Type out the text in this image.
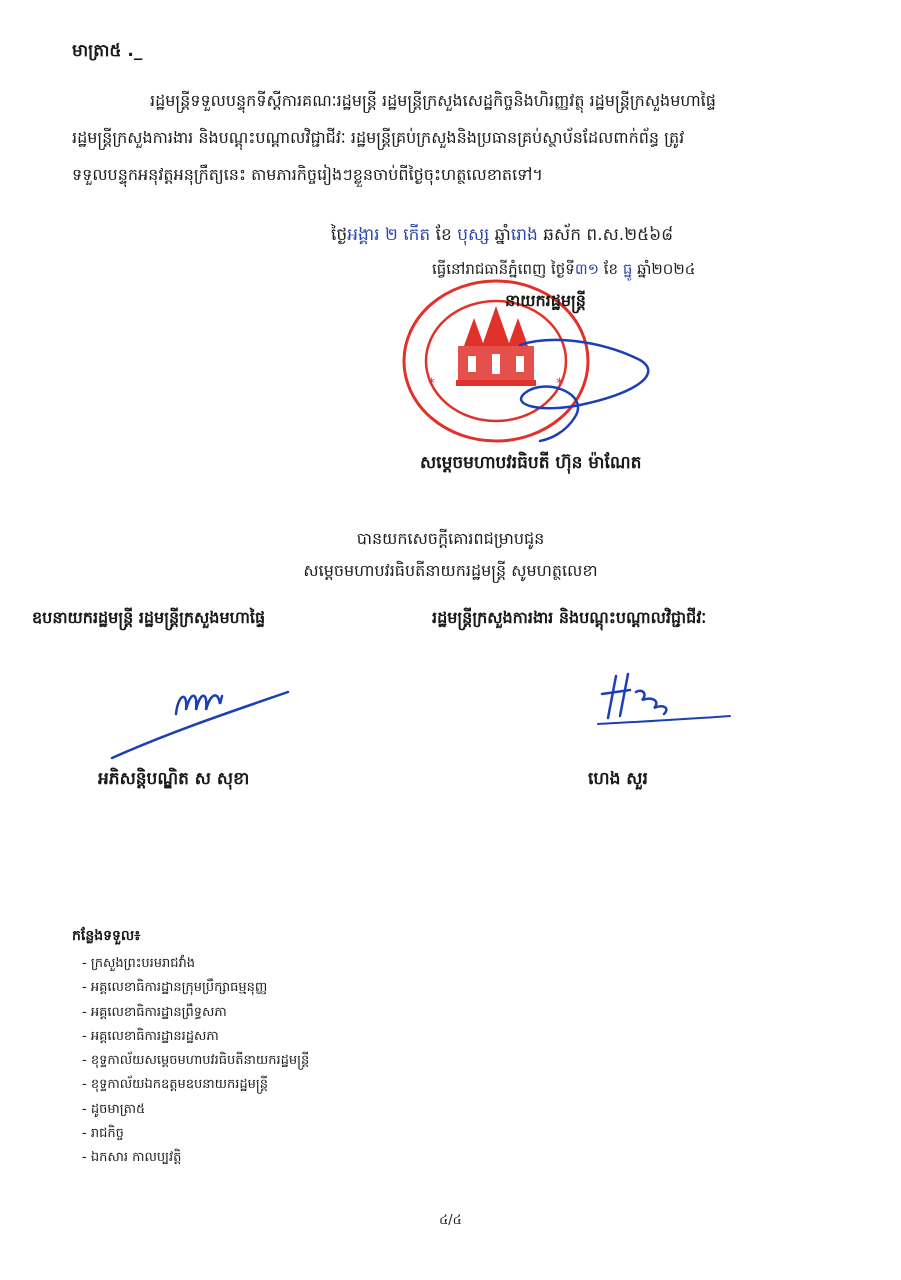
មាត្រា៥ ._
រដ្ឋមន្ត្រីទទួលបន្ទុកទីស្តីការគណៈរដ្ឋមន្ត្រី រដ្ឋមន្ត្រីក្រសួងសេដ្ឋកិច្ចនិងហិរញ្ញវត្ថុ រដ្ឋមន្ត្រីក្រសួងមហាផ្ទៃ
រដ្ឋមន្ត្រីក្រសួងការងារ និងបណ្តុះបណ្តាលវិជ្ជាជីវៈ រដ្ឋមន្ត្រីគ្រប់ក្រសួងនិងប្រធានគ្រប់ស្ថាប័នដែលពាក់ព័ន្ធ ត្រូវ
ទទួលបន្ទុកអនុវត្តអនុក្រឹត្យនេះ តាមភារកិច្ចរៀងៗខ្លួនចាប់ពីថ្ងៃចុះហត្ថលេខាតទៅ។
ថ្ងៃអង្គារ ២ កើត ខែ បុស្ស ឆ្នាំរោង ឆស័ក ព.ស.២៥៦៨
ធ្វើនៅរាជធានីភ្នំពេញ ថ្ងៃទី៣១ ខែ ធ្នូ ឆ្នាំ២០២៤
*	*
នាយករដ្ឋមន្ត្រី
សម្តេចមហាបវរធិបតី ហ៊ុន ម៉ាណែត
បានយកសេចក្តីគោរពជម្រាបជូន
សម្តេចមហាបវរធិបតីនាយករដ្ឋមន្ត្រី សូមហត្ថលេខា
ឧបនាយករដ្ឋមន្ត្រី រដ្ឋមន្ត្រីក្រសួងមហាផ្ទៃ	រដ្ឋមន្ត្រីក្រសួងការងារ និងបណ្តុះបណ្តាលវិជ្ជាជីវៈ
អភិសន្តិបណ្ឌិត ស សុខា	ហេង សួរ
កន្លែងទទួល៖
- ក្រសួងព្រះបរមរាជវាំង
- អគ្គលេខាធិការដ្ឋានក្រុមប្រឹក្សាធម្មនុញ្ញ
- អគ្គលេខាធិការដ្ឋានព្រឹទ្ធសភា
- អគ្គលេខាធិការដ្ឋានរដ្ឋសភា
- ខុទ្ទកាល័យសម្តេចមហាបវរធិបតីនាយករដ្ឋមន្ត្រី
- ខុទ្ទកាល័យឯកឧត្តមឧបនាយករដ្ឋមន្ត្រី
- ដូចមាត្រា៥
- រាជកិច្ច
- ឯកសារ កាលប្បវត្តិ
៤/៤
